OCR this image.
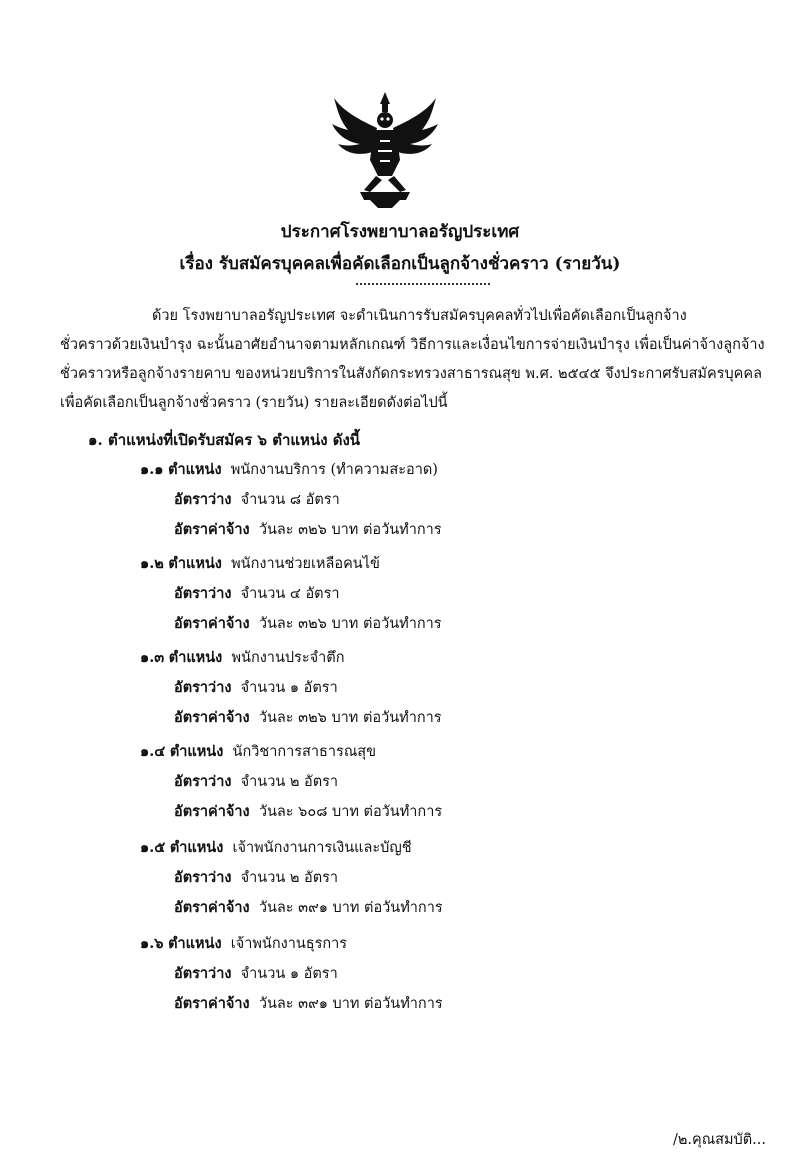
ประกาศโรงพยาบาลอรัญประเทศ
เรื่อง รับสมัครบุคคลเพื่อคัดเลือกเป็นลูกจ้างชั่วคราว (รายวัน)
ด้วย โรงพยาบาลอรัญประเทศ จะดำเนินการรับสมัครบุคคลทั่วไปเพื่อคัดเลือกเป็นลูกจ้าง
ชั่วคราวด้วยเงินบำรุง ฉะนั้นอาศัยอำนาจตามหลักเกณฑ์ วิธีการและเงื่อนไขการจ่ายเงินบำรุง เพื่อเป็นค่าจ้างลูกจ้าง
ชั่วคราวหรือลูกจ้างรายคาบ ของหน่วยบริการในสังกัดกระทรวงสาธารณสุข พ.ศ. ๒๕๔๕ จึงประกาศรับสมัครบุคคล
เพื่อคัดเลือกเป็นลูกจ้างชั่วคราว (รายวัน) รายละเอียดดังต่อไปนี้
๑. ตำแหน่งที่เปิดรับสมัคร ๖ ตำแหน่ง ดังนี้
๑.๑ ตำแหน่ง พนักงานบริการ (ทำความสะอาด)
อัตราว่าง จำนวน ๘ อัตรา
อัตราค่าจ้าง วันละ ๓๒๖ บาท ต่อวันทำการ
๑.๒ ตำแหน่ง พนักงานช่วยเหลือคนไข้
อัตราว่าง จำนวน ๔ อัตรา
อัตราค่าจ้าง วันละ ๓๒๖ บาท ต่อวันทำการ
๑.๓ ตำแหน่ง พนักงานประจำตึก
อัตราว่าง จำนวน ๑ อัตรา
อัตราค่าจ้าง วันละ ๓๒๖ บาท ต่อวันทำการ
๑.๔ ตำแหน่ง นักวิชาการสาธารณสุข
อัตราว่าง จำนวน ๒ อัตรา
อัตราค่าจ้าง วันละ ๖๐๘ บาท ต่อวันทำการ
๑.๕ ตำแหน่ง เจ้าพนักงานการเงินและบัญชี
อัตราว่าง จำนวน ๒ อัตรา
อัตราค่าจ้าง วันละ ๓๙๑ บาท ต่อวันทำการ
๑.๖ ตำแหน่ง เจ้าพนักงานธุรการ
อัตราว่าง จำนวน ๑ อัตรา
อัตราค่าจ้าง วันละ ๓๙๑ บาท ต่อวันทำการ
/๒.คุณสมบัติ...
